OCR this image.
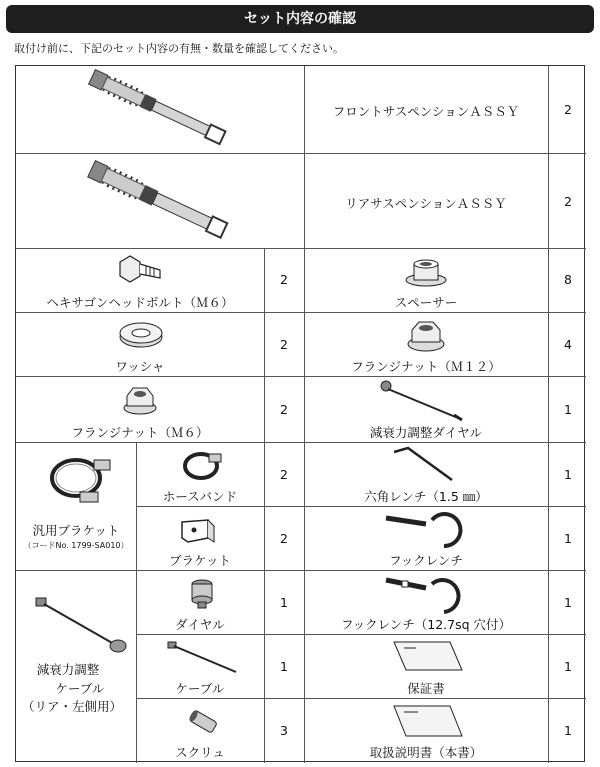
セット内容の確認
取付け前に、下記のセット内容の有無・数量を確認してください。
フロントサスペンションＡＳＳＹ	2
リアサスペンションＡＳＳＹ	2
ヘキサゴンヘッドボルト（Ｍ６）
2
スペーサー
8
ワッシャ
2
フランジナット（Ｍ１２）
4
フランジナット（Ｍ６）
2
減衰力調整ダイヤル
1
汎用ブラケット
（コードNo. 1799-SA010）
ホースバンド
2
六角レンチ（1.5 ㎜）
1
ブラケット
2
フックレンチ
1
減衰力調整
ケーブル
（リア・左側用）
ダイヤル
1
フックレンチ（12.7sq 穴付）
1
ケーブル
1
保証書
1
スクリュ
3
取扱説明書（本書）
1
